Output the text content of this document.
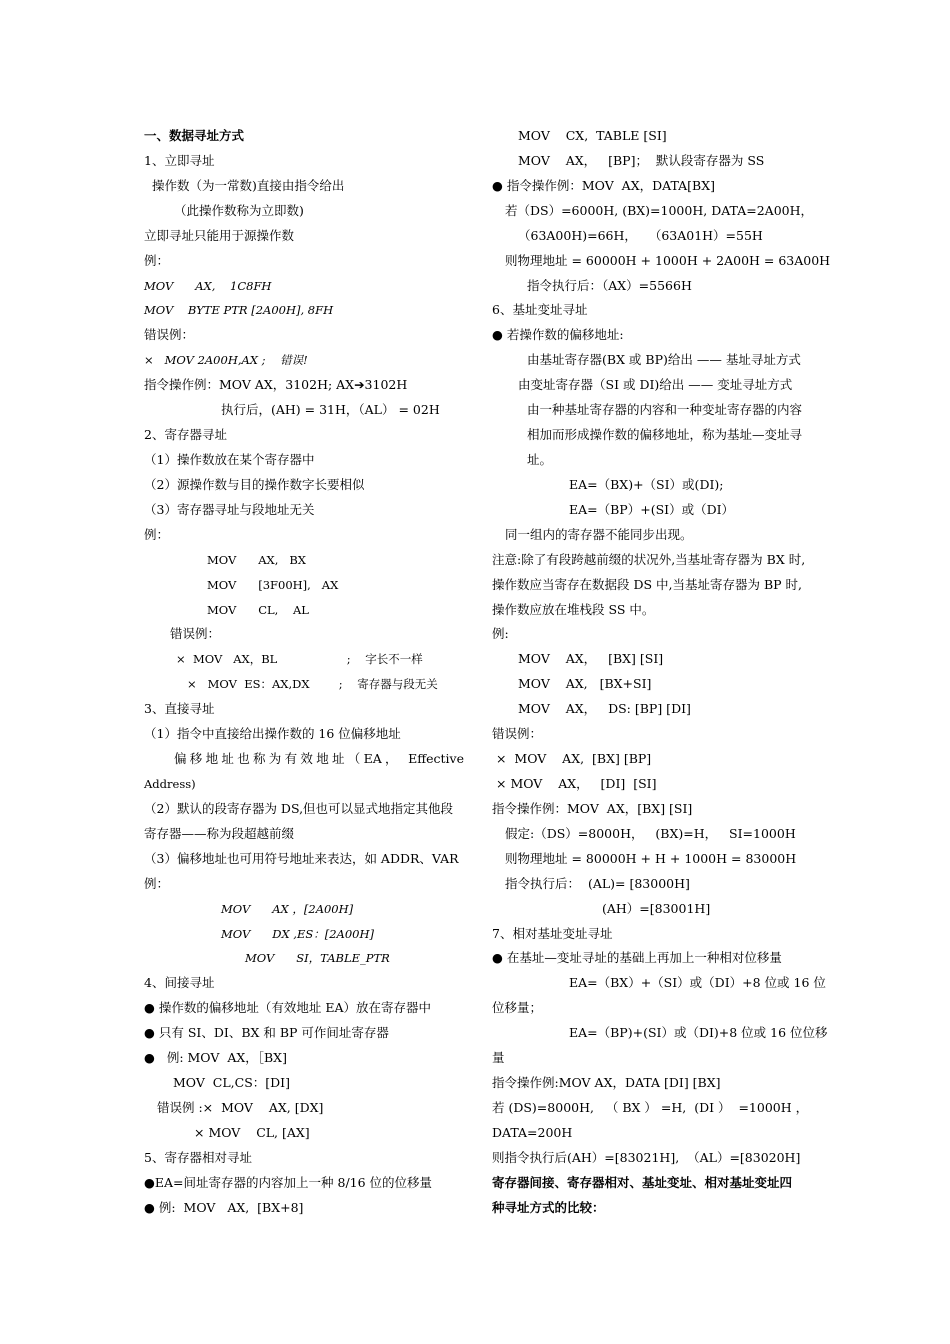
一、数据寻址方式
1、立即寻址
操作数（为一常数)直接由指令给出
（此操作数称为立即数)
立即寻址只能用于源操作数
例：
MOV      AX,    1C8FH
MOV    BYTE PTR [2A00H], 8FH
错误例：
×   MOV 2A00H,AX ;    错误!
指令操作例：MOV AX，3102H; AX➔3102H
执行后，(AH) = 31H，（AL） = 02H
2、寄存器寻址
（1）操作数放在某个寄存器中
（2）源操作数与目的操作数字长要相似
（3）寄存器寻址与段地址无关
例：
MOV      AX,   BX
MOV      [3F00H],   AX
MOV      CL,    AL
错误例：
×  MOV   AX，BL                   ;    字长不一样
×   MOV  ES：AX,DX        ;    寄存器与段无关
3、直接寻址
（1）指令中直接给出操作数的 16 位偏移地址
偏移地址也称为有效地址（EA， Effective
Address)
（2）默认的段寄存器为 DS,但也可以显式地指定其他段
寄存器——称为段超越前缀
（3）偏移地址也可用符号地址来表达，如 ADDR、VAR
例：
MOV      AX ，[2A00H]
MOV      DX ,ES：[2A00H]
MOV      SI，TABLE_PTR
4、间接寻址
● 操作数的偏移地址（有效地址 EA）放在寄存器中
● 只有 SI、DI、BX 和 BP 可作间址寄存器
●   例: MOV  AX，［BX]
MOV  CL,CS：[DI]
错误例 :×  MOV    AX, [DX]
× MOV    CL, [AX]
5、寄存器相对寻址
●EA=间址寄存器的内容加上一种 8/16 位的位移量
● 例:  MOV   AX,  [BX+8]
MOV    CX,  TABLE [SI]
MOV    AX，   [BP]；  默认段寄存器为 SS
● 指令操作例：MOV  AX，DATA[BX]
若（DS）=6000H, (BX)=1000H, DATA=2A00H，
（63A00H)=66H，   （63A01H）=55H
则物理地址 = 60000H + 1000H + 2A00H = 63A00H
指令执行后：（AX）=5566H
6、基址变址寻址
● 若操作数的偏移地址:
由基址寄存器(BX 或 BP)给出 —— 基址寻址方式
由变址寄存器（SI 或 DI)给出 —— 变址寻址方式
由一种基址寄存器的内容和一种变址寄存器的内容
相加而形成操作数的偏移地址，称为基址—变址寻
址。
EA=（BX)+（SI）或(DI);
EA=（BP）+(SI）或（DI）
同一组内的寄存器不能同步出现。
注意:除了有段跨越前缀的状况外,当基址寄存器为 BX 时,
操作数应当寄存在数据段 DS 中,当基址寄存器为 BP 时,
操作数应放在堆栈段 SS 中。
例:
MOV    AX，   [BX] [SI]
MOV    AX,   [BX+SI]
MOV    AX，   DS: [BP] [DI]
错误例：
×  MOV    AX,  [BX] [BP]
× MOV    AX，   [DI]  [SI]
指令操作例：MOV  AX，[BX] [SI]
假定:（DS）=8000H，   (BX)=H，   SI=1000H
则物理地址 = 80000H + H + 1000H = 83000H
指令执行后：  (AL)= [83000H]
(AH）=[83001H]
7、相对基址变址寻址
● 在基址—变址寻址的基础上再加上一种相对位移量
EA=（BX）+（SI）或（DI）+8 位或 16 位
位移量；
EA=（BP)+(SI）或（DI)+8 位或 16 位位移
量
指令操作例:MOV AX，DATA [DI] [BX]
若 (DS)=8000H,   （ BX ） =H,  (DI ）  =1000H ，
DATA=200H
则指令执行后(AH）=[83021H],  （AL）=[83020H]
寄存器间接、寄存器相对、基址变址、相对基址变址四
种寻址方式的比较：
